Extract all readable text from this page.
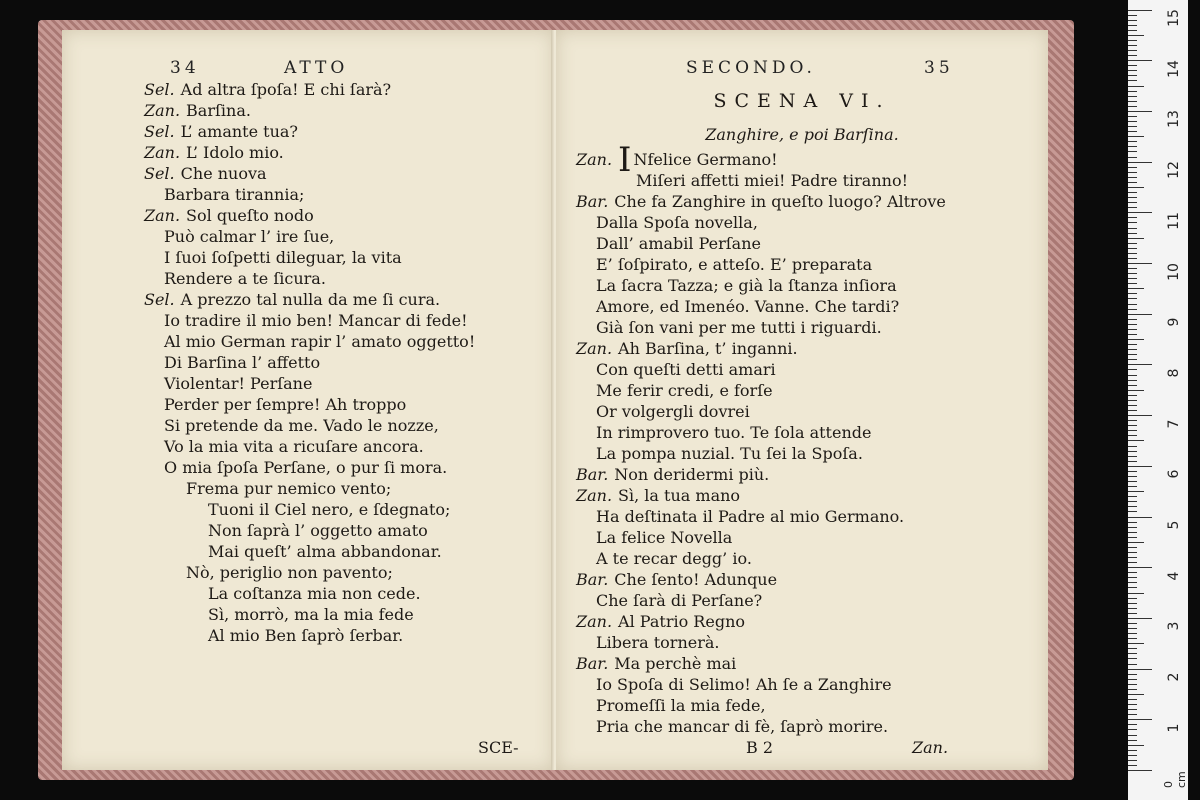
34	ATTO
SCE-
Sel. Ad altra ſpoſa! E chi ſarà?
Zan. Barſina.
Sel. L’ amante tua?
Zan. L’ Idolo mio.
Sel. Che nuova
Barbara tirannia;
Zan. Sol queſto nodo
Può calmar l’ ire ſue,
I ſuoi ſoſpetti dileguar, la vita
Rendere a te ſicura.
Sel. A prezzo tal nulla da me ſi cura.
Io tradire il mio ben! Mancar di fede!
Al mio German rapir l’ amato oggetto!
Di Barſina l’ affetto
Violentar! Perſane
Perder per ſempre! Ah troppo
Si pretende da me. Vado le nozze,
Vo la mia vita a ricuſare ancora.
O mia ſpoſa Perſane, o pur ſi mora.
Frema pur nemico vento;
Tuoni il Ciel nero, e ſdegnato;
Non ſaprà l’ oggetto amato
Mai queſt’ alma abbandonar.
Nò, periglio non pavento;
La coſtanza mia non cede.
Sì, morrò, ma la mia fede
Al mio Ben ſaprò ſerbar.
SECONDO.	35
SCENA VI.
Zanghire, e poi Barſina.
Zan. I Nfelice Germano!
B 2	Zan.
Miſeri affetti miei! Padre tiranno!
Bar. Che fa Zanghire in queſto luogo? Altrove
Dalla Spoſa novella,
Dall’ amabil Perſane
E’ ſoſpirato, e atteſo. E’ preparata
La ſacra Tazza; e già la ſtanza inſiora
Amore, ed Imenéo. Vanne. Che tardi?
Già ſon vani per me tutti i riguardi.
Zan. Ah Barſina, t’ inganni.
Con queſti detti amari
Me ferir credi, e forſe
Or volgergli dovrei
In rimprovero tuo. Te ſola attende
La pompa nuzial. Tu ſei la Spoſa.
Bar. Non deridermi più.
Zan. Sì, la tua mano
Ha deſtinata il Padre al mio Germano.
La felice Novella
A te recar degg’ io.
Bar. Che ſento! Adunque
Che ſarà di Perſane?
Zan. Al Patrio Regno
Libera tornerà.
Bar. Ma perchè mai
Io Spoſa di Selimo! Ah ſe a Zanghire
Promeſſi la mia fede,
Pria che mancar di fè, ſaprò morire.
0 cm
15
14
13
12
11
10
9
8
7
6
5
4
3
2
1
